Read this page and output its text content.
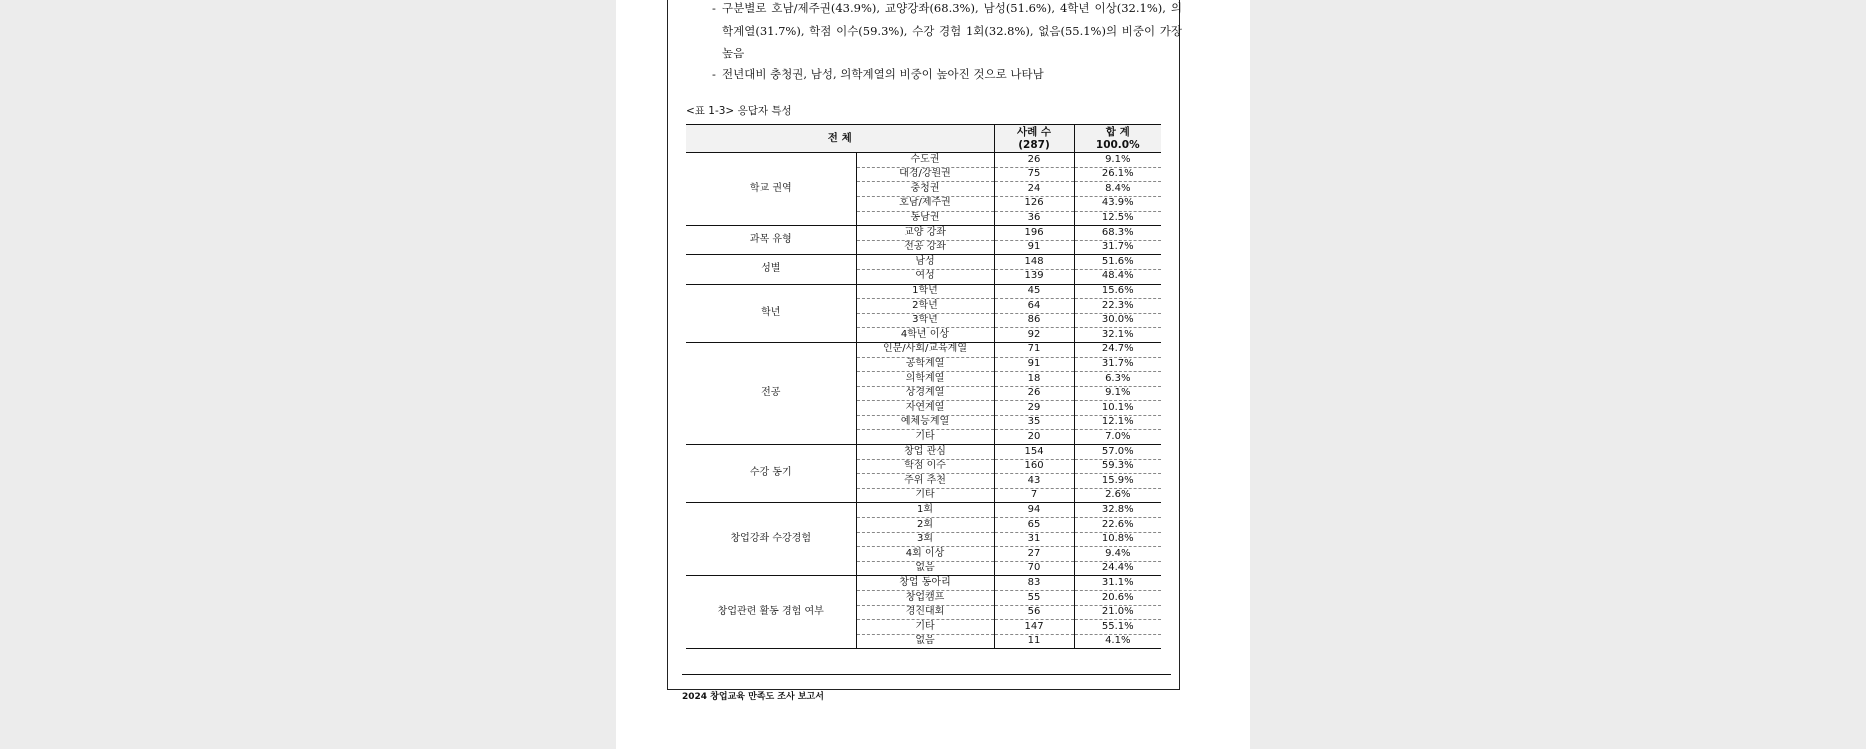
- 구분별로 호남/제주권(43.9%), 교양강좌(68.3%), 남성(51.6%), 4학년 이상(32.1%), 의학계열(31.7%), 학점 이수(59.3%), 수강 경험 1회(32.8%), 없음(55.1%)의 비중이 가장 높음
- 전년대비 충청권, 남성, 의학계열의 비중이 높아진 것으로 나타남
<표 1-3> 응답자 특성
전 체		사례 수	합 계
		(287)	100.0%
학교 권역	수도권	26	9.1%
	대경/강원권	75	26.1%
	충청권	24	8.4%
	호남/제주권	126	43.9%
	동남권	36	12.5%
과목 유형	교양 강좌	196	68.3%
	전공 강좌	91	31.7%
성별	남성	148	51.6%
	여성	139	48.4%
학년	1학년	45	15.6%
	2학년	64	22.3%
	3학년	86	30.0%
	4학년 이상	92	32.1%
전공	인문/사회/교육계열	71	24.7%
	공학계열	91	31.7%
	의학계열	18	6.3%
	상경계열	26	9.1%
	자연계열	29	10.1%
	예체능계열	35	12.1%
	기타	20	7.0%
수강 동기	창업 관심	154	57.0%
	학점 이수	160	59.3%
	주위 추천	43	15.9%
	기타	7	2.6%
창업강좌 수강경험	1회	94	32.8%
	2회	65	22.6%
	3회	31	10.8%
	4회 이상	27	9.4%
	없음	70	24.4%
창업관련 활동 경험 여부	창업 동아리	83	31.1%
	창업캠프	55	20.6%
	경진대회	56	21.0%
	기타	147	55.1%
	없음	11	4.1%
2024 창업교육 만족도 조사 보고서
